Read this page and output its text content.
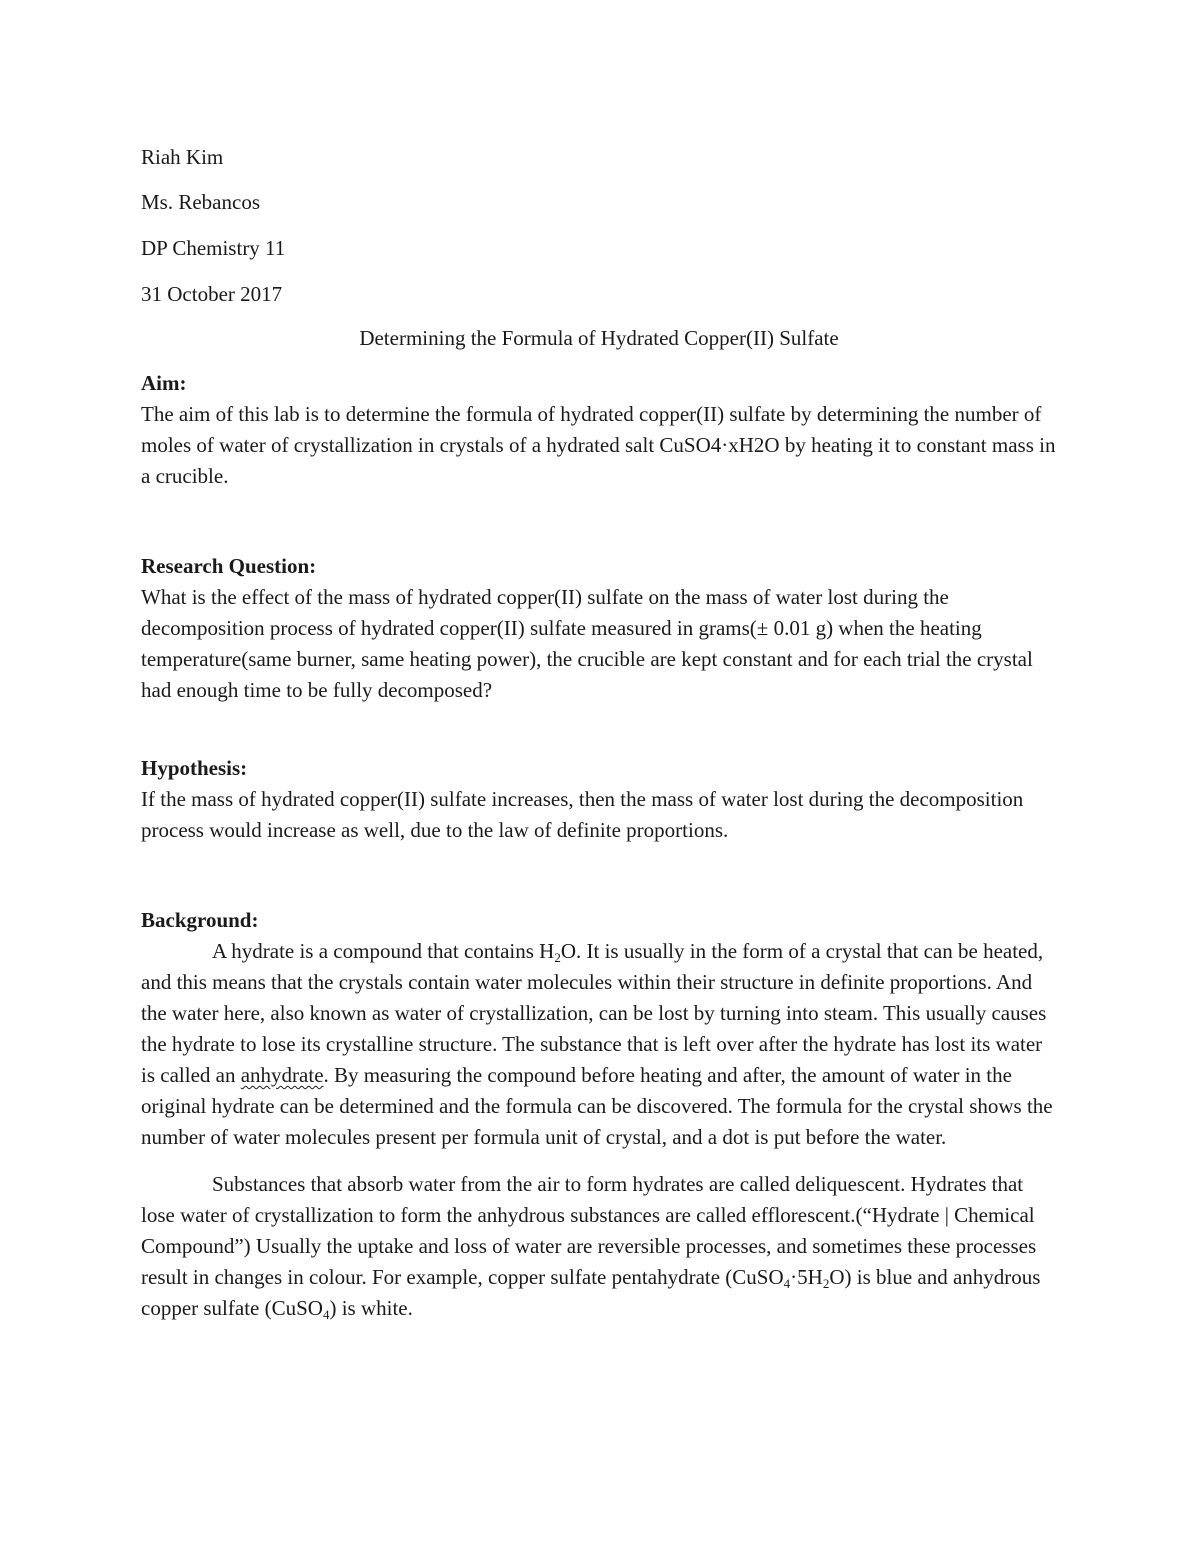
Riah Kim
Ms. Rebancos
DP Chemistry 11
31 October 2017
Determining the Formula of Hydrated Copper(II) Sulfate
Aim:
The aim of this lab is to determine the formula of hydrated copper(II) sulfate by determining the number of moles of water of crystallization in crystals of a hydrated salt CuSO4·xH2O by heating it to constant mass in a crucible.
Research Question:
What is the effect of the mass of hydrated copper(II) sulfate on the mass of water lost during the decomposition process of hydrated copper(II) sulfate measured in grams(± 0.01 g) when the heating temperature(same burner, same heating power), the crucible are kept constant and for each trial the crystal had enough time to be fully decomposed?
Hypothesis:
If the mass of hydrated copper(II) sulfate increases, then the mass of water lost during the decomposition process would increase as well, due to the law of definite proportions.
Background:

A hydrate is a compound that contains $H_2O$. It is usually in the form of a crystal that can be heated, and this means that the crystals contain water molecules within their structure in definite proportions. And the water here, also known as water of crystallization, can be lost by turning into steam. This usually causes the hydrate to lose its crystalline structure. The substance that is left over after the hydrate has lost its water is called an anhydrate. By measuring the compound before heating and after, the amount of water in the original hydrate can be determined and the formula can be discovered. The formula for the crystal shows the number of water molecules present per formula unit of crystal, and a dot is put before the water.

Substances that absorb water from the air to form hydrates are called deliquescent. Hydrates that lose water of crystallization to form the anhydrous substances are called efflorescent.(“Hydrate | Chemical Compound”) Usually the uptake and loss of water are reversible processes, and sometimes these processes result in changes in colour. For example, copper sulfate pentahydrate $(CuSO_4\cdot 5H_2O)$ is blue and anhydrous copper sulfate (CuSO$_4$) is white.
